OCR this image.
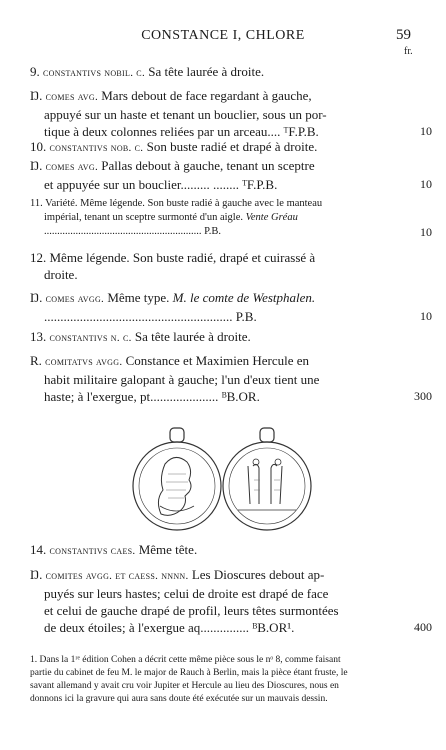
CONSTANCE I, CHLORE	59
fr.
9. constantivs nobil. c. Sa tête laurée à droite.
Ŋ. comes avg. Mars debout de face regardant à gauche,
appuyé sur un haste et tenant un bouclier, sous un por-
tique à deux colonnes reliées par un arceau.... ᵀF.P.B.	10
10. constantivs nob. c. Son buste radié et drapé à droite.
Ŋ. comes avg. Pallas debout à gauche, tenant un sceptre
et appuyée sur un bouclier......... ........ ᵀF.P.B.	10
11. Variété. Même légende. Son buste radié à gauche avec le manteau
impérial, tenant un sceptre surmonté d'un aigle. Vente Gréau
............................................................ P.B.	10
12. Même légende. Son buste radié, drapé et cuirassé à
droite.
Ŋ. comes avgg. Même type. M. le comte de Westphalen.
.......................................................... P.B.	10
13. constantivs n. c. Sa tête laurée à droite.
R. comitatvs avgg. Constance et Maximien Hercule en
habit militaire galopant à gauche; l'un d'eux tient une
haste; à l'exergue, pt..................... ᴮB.OR.	300
14. constantivs caes. Même tête.
Ŋ. comites avgg. et caess. nnnn. Les Dioscures debout ap-
puyés sur leurs hastes; celui de droite est drapé de face
et celui de gauche drapé de profil, leurs têtes surmontées
de deux étoiles; à l'exergue aq............... ᴮB.OR¹.	400
1. Dans la 1ʳᵉ édition Cohen a décrit cette même pièce sous le nᵒ 8, comme faisant
partie du cabinet de feu M. le major de Rauch à Berlin, mais la pièce étant fruste, le
savant allemand y avait cru voir Jupiter et Hercule au lieu des Dioscures, nous en
donnons ici la gravure qui aura sans doute été exécutée sur un mauvais dessin.
